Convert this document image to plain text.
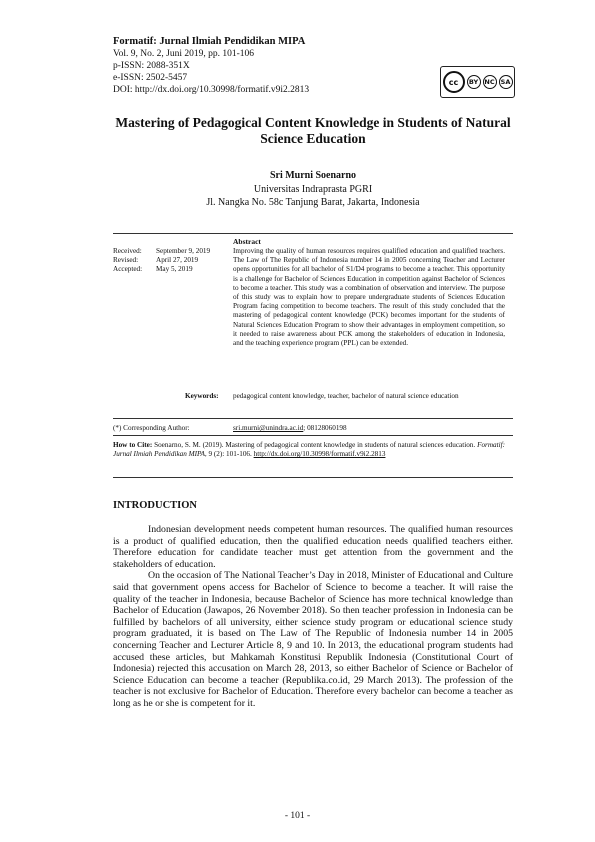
Formatif: Jurnal Ilmiah Pendidikan MIPA
Vol. 9, No. 2, Juni 2019, pp. 101-106
p-ISSN: 2088-351X
e-ISSN: 2502-5457
DOI: http://dx.doi.org/10.30998/formatif.v9i2.2813
cc	BY NC SA
Mastering of Pedagogical Content Knowledge in Students of Natural Science Education
Sri Murni Soenarno
Universitas Indraprasta PGRI
Jl. Nangka No. 58c Tanjung Barat, Jakarta, Indonesia
Abstract
Received: September 9, 2019
Revised: April 27, 2019
Accepted: May 5, 2019
Improving the quality of human resources requires qualified education and qualified teachers. The Law of The Republic of Indonesia number 14 in 2005 concerning Teacher and Lecturer opens opportunities for all bachelor of S1/D4 programs to become a teacher. This opportunity is a challenge for Bachelor of Sciences Education in competition against Bachelor of Sciences to become a teacher. This study was a combination of observation and interview. The purpose of this study was to explain how to prepare undergraduate students of Sciences Education Program facing competition to become teachers. The result of this study concluded that the mastering of pedagogical content knowledge (PCK) becomes important for the students of Natural Sciences Education Program to show their advantages in employment competition, so it needed to raise awareness about PCK among the stakeholders of education in Indonesia, and the teaching experience program (PPL) can be extended.
Keywords: pedagogical content knowledge, teacher, bachelor of natural science education
(*) Corresponding Author:	sri.murni@unindra.ac.id; 08128060198
How to Cite: Soenarno, S. M. (2019). Mastering of pedagogical content knowledge in students of natural sciences education. Formatif: Jurnal Ilmiah Pendidikan MIPA, 9 (2): 101-106. http://dx.doi.org/10.30998/formatif.v9i2.2813
INTRODUCTION

Indonesian development needs competent human resources. The qualified human resources is a product of qualified education, then the qualified education needs qualified teachers either. Therefore education for candidate teacher must get attention from the government and the stakeholders of education.

On the occasion of The National Teacher’s Day in 2018, Minister of Educational and Culture said that government opens access for Bachelor of Science to become a teacher. It will raise the quality of the teacher in Indonesia, because Bachelor of Science has more technical knowledge than Bachelor of Education (Jawapos, 26 November 2018). So then teacher profession in Indonesia can be fulfilled by bachelors of all university, either science study program or educational science study program graduated, it is based on The Law of The Republic of Indonesia number 14 in 2005 concerning Teacher and Lecturer Article 8, 9 and 10. In 2013, the educational program students had accused these articles, but Mahkamah Konstitusi Republik Indonesia (Constitutional Court of Indonesia) rejected this accusation on March 28, 2013, so either Bachelor of Science or Bachelor of Science Education can become a teacher (Republika.co.id, 29 March 2013). The profession of the teacher is not exclusive for Bachelor of Education. Therefore every bachelor can become a teacher as long as he or she is competent for it.

- 101 -
